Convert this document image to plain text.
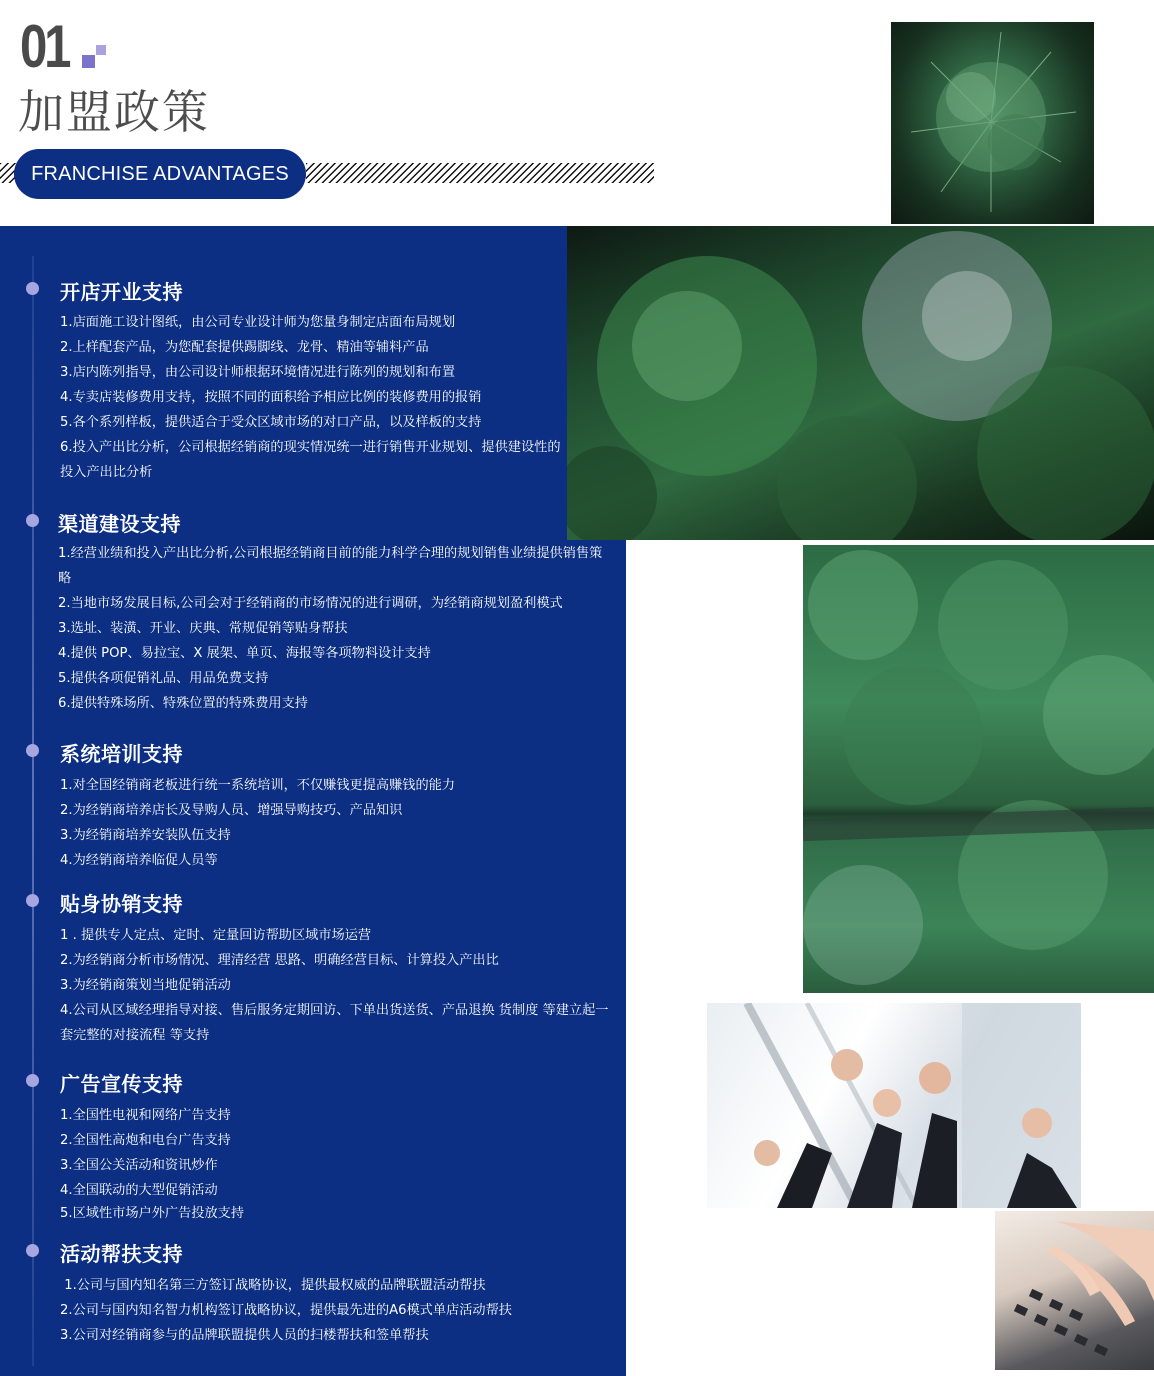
01
加盟政策
FRANCHISE ADVANTAGES
开店开业支持
1.店面施工设计图纸，由公司专业设计师为您量身制定店面布局规划
2.上样配套产品，为您配套提供踢脚线、龙骨、精油等辅料产品
3.店内陈列指导，由公司设计师根据环境情况进行陈列的规划和布置
4.专卖店装修费用支持，按照不同的面积给予相应比例的装修费用的报销
5.各个系列样板，提供适合于受众区域市场的对口产品，以及样板的支持
6.投入产出比分析，公司根据经销商的现实情况统一进行销售开业规划、提供建设性的投入产出比分析
渠道建设支持
1.经营业绩和投入产出比分析,公司根据经销商目前的能力科学合理的规划销售业绩提供销售策略
2.当地市场发展目标,公司会对于经销商的市场情况的进行调研，为经销商规划盈利模式
3.选址、装潢、开业、庆典、常规促销等贴身帮扶
4.提供 POP、易拉宝、X 展架、单页、海报等各项物料设计支持
5.提供各项促销礼品、用品免费支持
6.提供特殊场所、特殊位置的特殊费用支持
系统培训支持
1.对全国经销商老板进行统一系统培训，不仅赚钱更提高赚钱的能力
2.为经销商培养店长及导购人员、增强导购技巧、产品知识
3.为经销商培养安装队伍支持
4.为经销商培养临促人员等
贴身协销支持
1 . 提供专人定点、定时、定量回访帮助区域市场运营
2.为经销商分析市场情况、理清经营 思路、明确经营目标、计算投入产出比
3.为经销商策划当地促销活动
4.公司从区域经理指导对接、售后服务定期回访、下单出货送货、产品退换 货制度 等建立起一套完整的对接流程 等支持
广告宣传支持
1.全国性电视和网络广告支持
2.全国性高炮和电台广告支持
3.全国公关活动和资讯炒作
4.全国联动的大型促销活动
5.区域性市场户外广告投放支持
活动帮扶支持
1.公司与国内知名第三方签订战略协议，提供最权威的品牌联盟活动帮扶
2.公司与国内知名智力机构签订战略协议，提供最先进的A6模式单店活动帮扶
3.公司对经销商参与的品牌联盟提供人员的扫楼帮扶和签单帮扶
